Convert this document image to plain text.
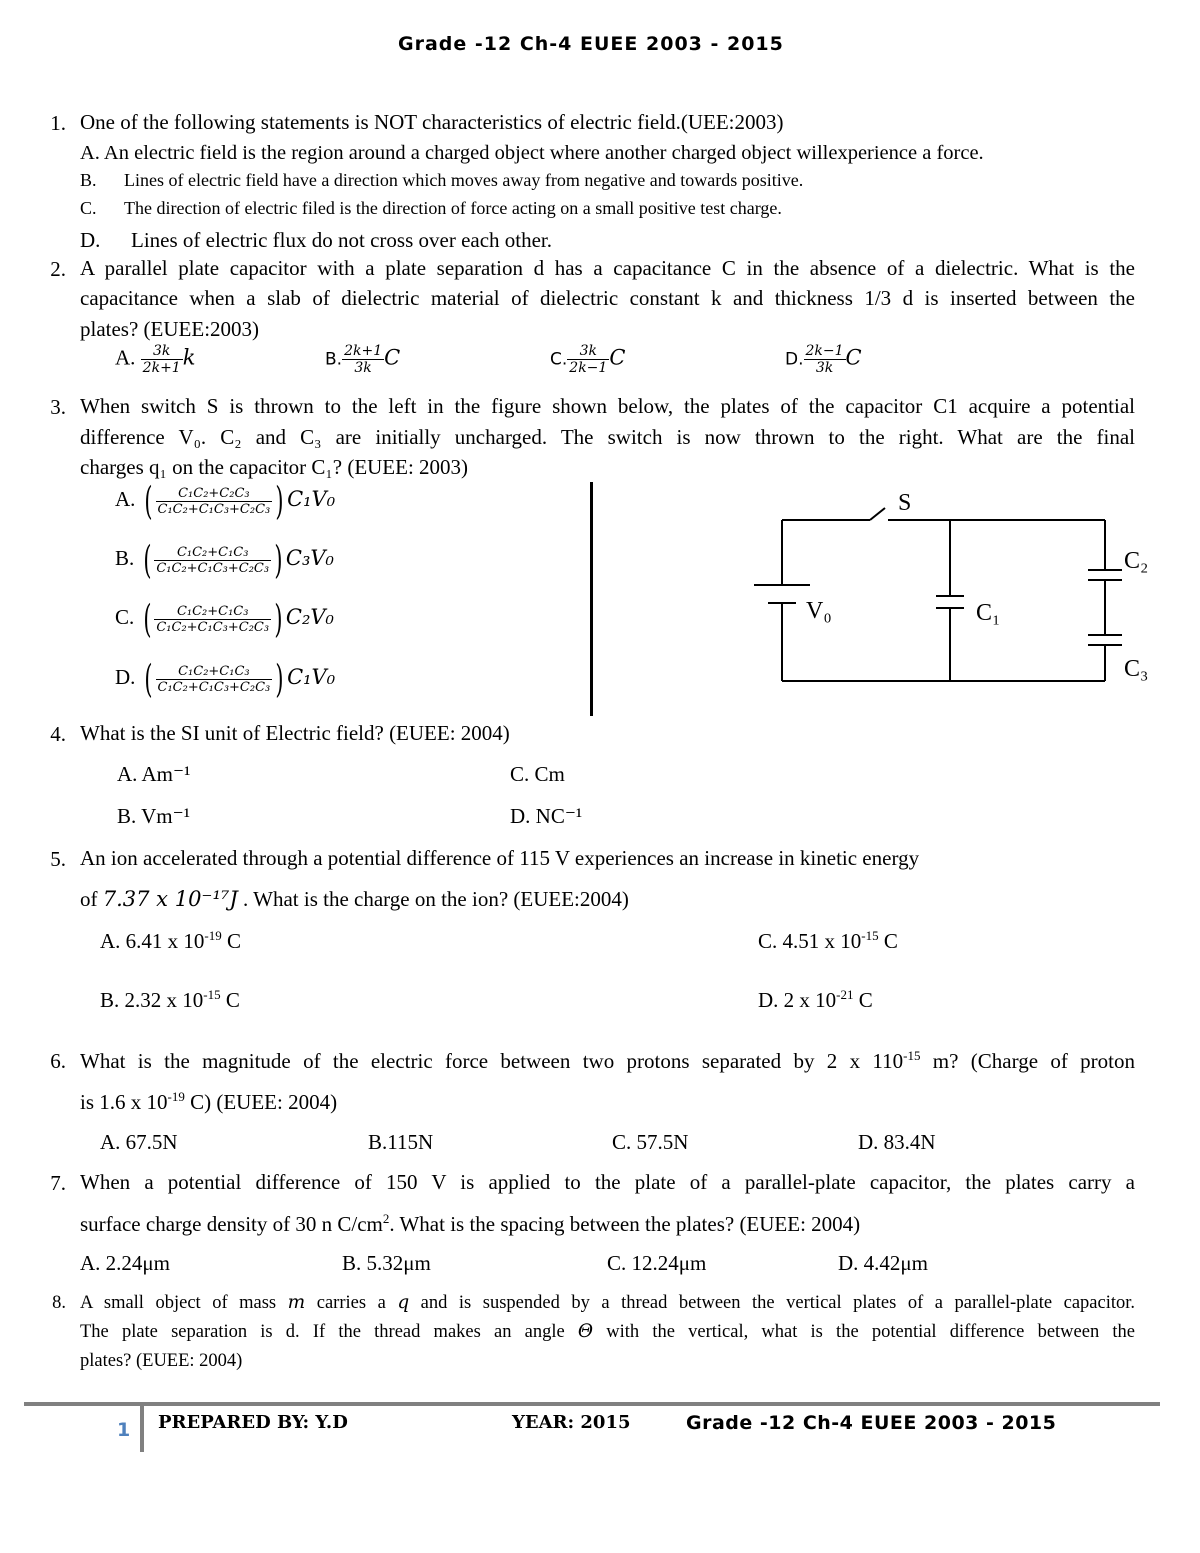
Grade -12 Ch-4 EUEE 2003 - 2015
1. One of the following statements is NOT characteristics of electric field.(UEE:2003)
A. An electric field is the region around a charged object where another charged object willexperience a force.
B. Lines of electric field have a direction which moves away from negative and towards positive.
C. The direction of electric filed is the direction of force acting on a small positive test charge.
D. Lines of electric flux do not cross over each other.
2. A parallel plate capacitor with a plate separation d has a capacitance C in the absence of a dielectric. What is the
capacitance when a slab of dielectric material of dielectric constant k and thickness 1/3 d is inserted between the
plates? (EUEE:2003)
A. $\frac{3k}{2k+1}$ k	B. $\frac{2k+1}{3k}$ C	C. $\frac{3k}{2k-1}$ C	D. $\frac{2k-1}{3k}$ C
3. When switch S is thrown to the left in the figure shown below, the plates of the capacitor C1 acquire a potential
difference V₀. C₂ and C₃ are initially uncharged. The switch is now thrown to the right. What are the final
charges q₁ on the capacitor C₁? (EUEE: 2003)
A. ( $\frac{\text{C₁C₂+C₂C₃}}{\text{C₁C₂+C₁C₃+C₂C₃}}$ ) C₁V₀
B. ( $\frac{\text{C₁C₂+C₁C₃}}{\text{C₁C₂+C₁C₃+C₂C₃}}$ ) C₃V₀
C. ( $\frac{\text{C₁C₂+C₁C₃}}{\text{C₁C₂+C₁C₃+C₂C₃}}$ ) C₂V₀
D. ( $\frac{\text{C₁C₂+C₁C₃}}{\text{C₁C₂+C₁C₃+C₂C₃}}$ ) C₁V₀
S
V₀	C₁
C₂
C₃
4. What is the SI unit of Electric field? (EUEE: 2004)
A. Am⁻¹
B. Vm⁻¹
C. Cm
D. NC⁻¹
5. An ion accelerated through a potential difference of 115 V experiences an increase in kinetic energy
of 7.37 x 10⁻¹⁷J . What is the charge on the ion? (EUEE:2004)
A. 6.41 x $10^{-19}$ C
B. 2.32 x $10^{-15}$ C
C. 4.51 x $10^{-15}$ C
D. 2 x $10^{-21}$ C
6. What is the magnitude of the electric force between two protons separated by 2 x $110^{-15}$ m? (Charge of proton
is 1.6 x $10^{-19}$ C) (EUEE: 2004)
A. 67.5N	B.115N	C. 57.5N	D. 83.4N
7. When a potential difference of 150 V is applied to the plate of a parallel-plate capacitor, the plates carry a
surface charge density of 30 n $C/cm^2$. What is the spacing between the plates? (EUEE: 2004)
A. 2.24μm	B. 5.32μm	C. 12.24μm	D. 4.42μm
8. A small object of mass m carries a q and is suspended by a thread between the vertical plates of a parallel-plate capacitor.
The plate separation is d. If the thread makes an angle Θ with the vertical, what is the potential difference between the
plates? (EUEE: 2004)
1 PREPARED BY: Y.D	YEAR: 2015	Grade -12 Ch-4 EUEE 2003 - 2015
